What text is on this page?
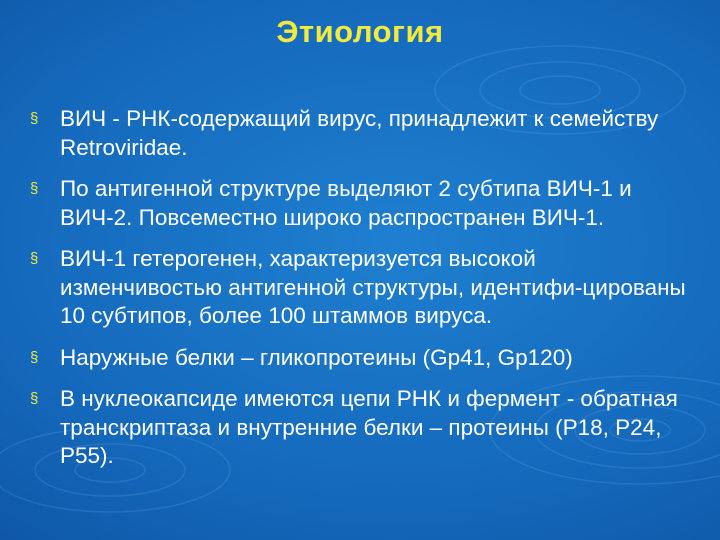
Этиология
§ ВИЧ - РНК-содержащий вирус, принадлежит к семейству Retroviridae.
§ По антигенной структуре выделяют 2 субтипа ВИЧ-1 и ВИЧ-2. Повсеместно широко распространен ВИЧ-1.
§ ВИЧ-1 гетерогенен, характеризуется высокой изменчивостью антигенной структуры, идентифи-цированы 10 субтипов, более 100 штаммов вируса.
§ Наружные белки – гликопротеины (Gp41, Gp120)
§ В нуклеокапсиде имеются цепи РНК и фермент - обратная транскриптаза и внутренние белки – протеины (P18, P24, P55).
